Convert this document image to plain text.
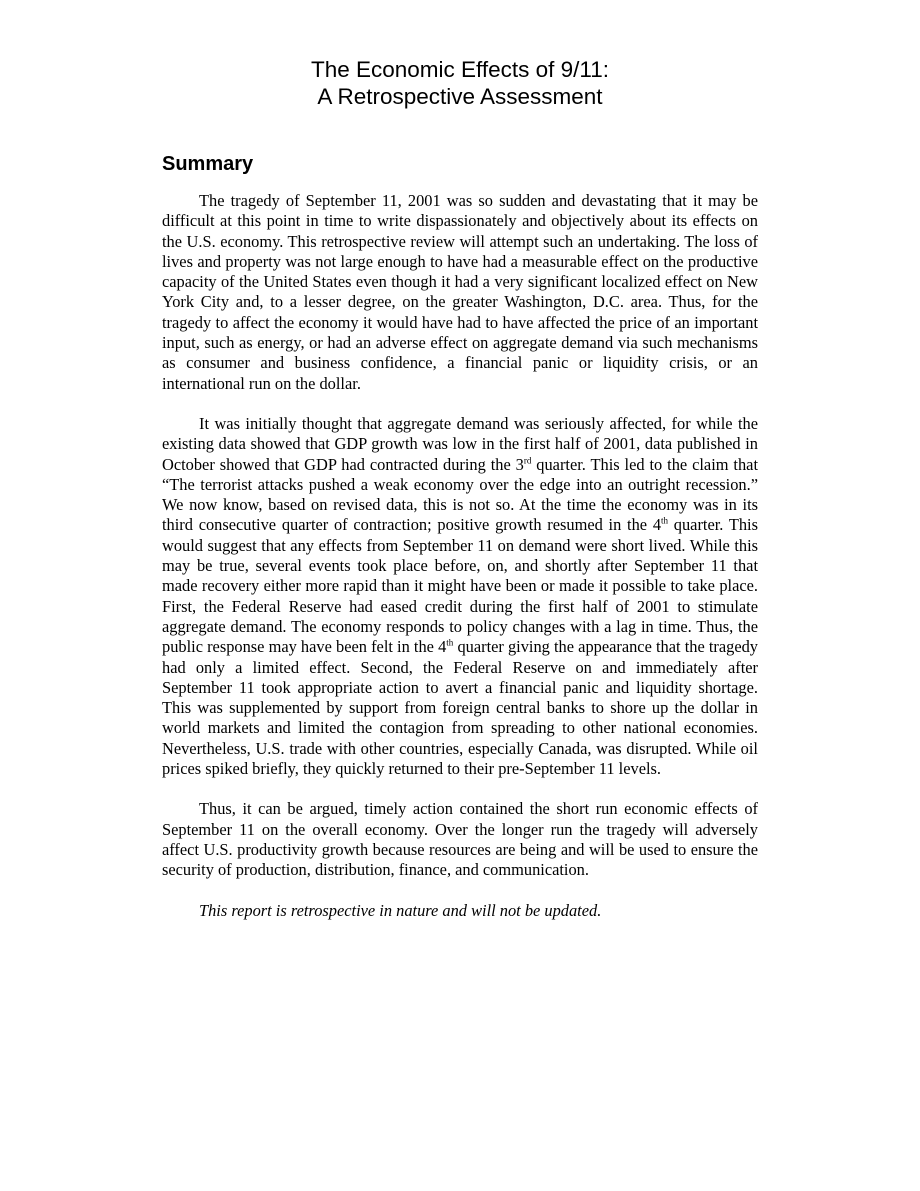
The Economic Effects of 9/11:
A Retrospective Assessment
Summary

The tragedy of September 11, 2001 was so sudden and devastating that it may be difficult at this point in time to write dispassionately and objectively about its effects on the U.S. economy. This retrospective review will attempt such an undertaking. The loss of lives and property was not large enough to have had a measurable effect on the productive capacity of the United States even though it had a very significant localized effect on New York City and, to a lesser degree, on the greater Washington, D.C. area. Thus, for the tragedy to affect the economy it would have had to have affected the price of an important input, such as energy, or had an adverse effect on aggregate demand via such mechanisms as consumer and business confidence, a financial panic or liquidity crisis, or an international run on the dollar.

It was initially thought that aggregate demand was seriously affected, for while the existing data showed that GDP growth was low in the first half of 2001, data published in October showed that GDP had contracted during the 3rd quarter. This led to the claim that “The terrorist attacks pushed a weak economy over the edge into an outright recession.” We now know, based on revised data, this is not so. At the time the economy was in its third consecutive quarter of contraction; positive growth resumed in the 4th quarter. This would suggest that any effects from September 11 on demand were short lived. While this may be true, several events took place before, on, and shortly after September 11 that made recovery either more rapid than it might have been or made it possible to take place. First, the Federal Reserve had eased credit during the first half of 2001 to stimulate aggregate demand. The economy responds to policy changes with a lag in time. Thus, the public response may have been felt in the 4th quarter giving the appearance that the tragedy had only a limited effect. Second, the Federal Reserve on and immediately after September 11 took appropriate action to avert a financial panic and liquidity shortage. This was supplemented by support from foreign central banks to shore up the dollar in world markets and limited the contagion from spreading to other national economies. Nevertheless, U.S. trade with other countries, especially Canada, was disrupted. While oil prices spiked briefly, they quickly returned to their pre-September 11 levels.

Thus, it can be argued, timely action contained the short run economic effects of September 11 on the overall economy. Over the longer run the tragedy will adversely affect U.S. productivity growth because resources are being and will be used to ensure the security of production, distribution, finance, and communication.

This report is retrospective in nature and will not be updated.
